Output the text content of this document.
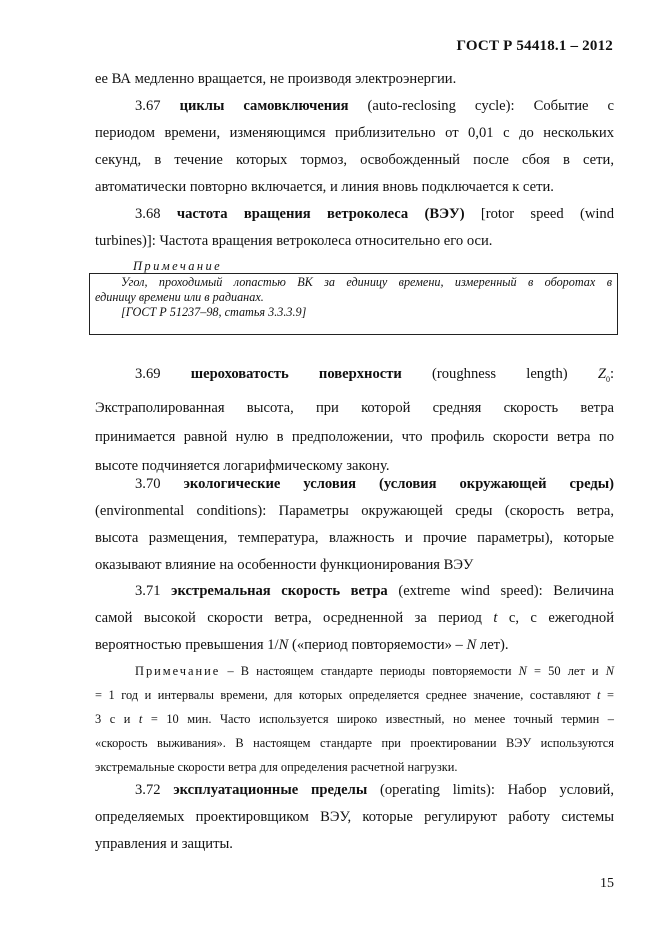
ГОСТ Р 54418.1 – 2012
ее ВА медленно вращается, не производя электроэнергии.
3.67 циклы самовключения (auto-reclosing cycle): Событие с
периодом времени, изменяющимся приблизительно от 0,01 с до нескольких
секунд, в течение которых тормоз, освобожденный после сбоя в сети,
автоматически повторно включается, и линия вновь подключается к сети.
3.68 частота вращения ветроколеса (ВЭУ) [rotor speed (wind
turbines)]: Частота вращения ветроколеса относительно его оси.
Примечание
Угол, проходимый лопастью ВК за единицу времени, измеренный в оборотах в
единицу времени или в радианах.
[ГОСТ Р 51237–98, статья 3.3.3.9]
3.69 шероховатость поверхности (roughness length) $Z_0$:
Экстраполированная высота, при которой средняя скорость ветра
принимается равной нулю в предположении, что профиль скорости ветра по
высоте подчиняется логарифмическому закону.
3.70 экологические условия (условия окружающей среды)
(environmental conditions): Параметры окружающей среды (скорость ветра,
высота размещения, температура, влажность и прочие параметры), которые
оказывают влияние на особенности функционирования ВЭУ
3.71 экстремальная скорость ветра (extreme wind speed): Величина
самой высокой скорости ветра, осредненной за период t с, с ежегодной
вероятностью превышения 1/N («период повторяемости» – N лет).
Примечание – В настоящем стандарте периоды повторяемости N = 50 лет и N
= 1 год и интервалы времени, для которых определяется среднее значение, составляют t =
3 с и t = 10 мин. Часто используется широко известный, но менее точный термин –
«скорость выживания». В настоящем стандарте при проектировании ВЭУ используются
экстремальные скорости ветра для определения расчетной нагрузки.
3.72 эксплуатационные пределы (operating limits): Набор условий,
определяемых проектировщиком ВЭУ, которые регулируют работу системы
управления и защиты.
15
